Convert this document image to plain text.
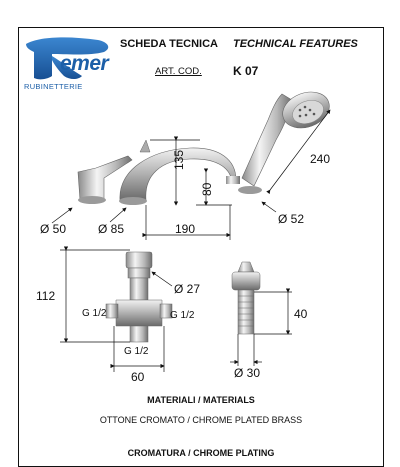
emer
RUBINETTERIE
SCHEDA TECNICA TECHNICAL FEATURES
ART. COD.	K 07
Ø 50	Ø 85
135
80
190
240
Ø 52
112	Ø 27
G 1/2	G 1/2
G 1/2
60
40
Ø 30
MATERIALI / MATERIALS
OTTONE CROMATO / CHROME PLATED BRASS
CROMATURA / CHROME PLATING
